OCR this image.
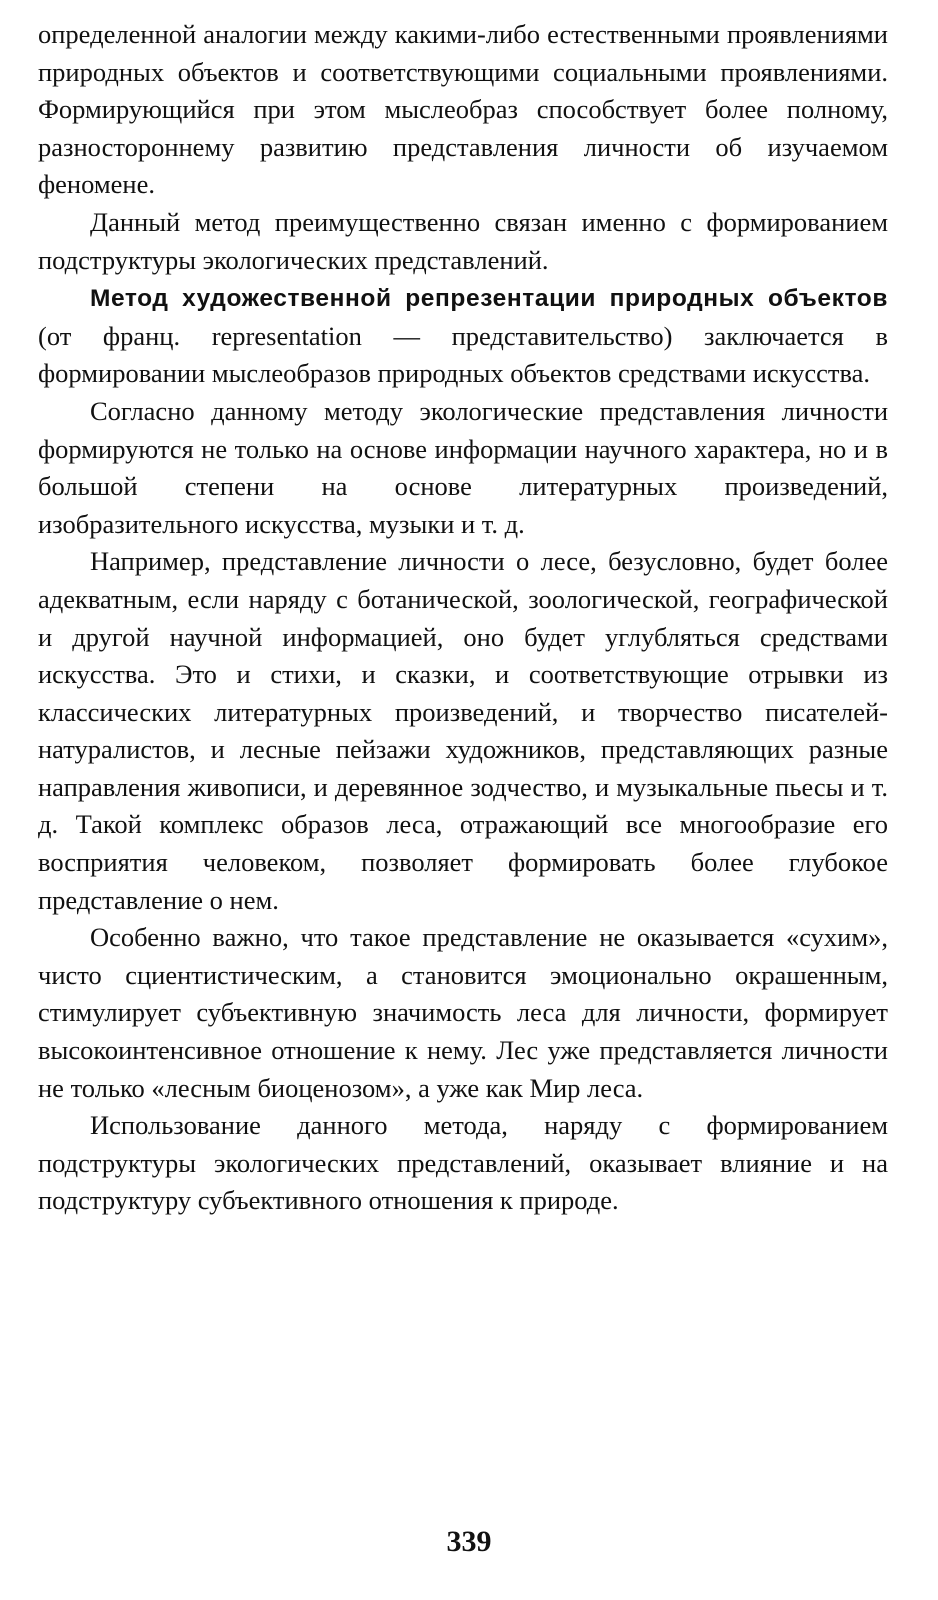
определенной аналогии между какими-либо естественными проявлениями природных объектов и соответствующими социальными проявлениями. Формирующийся при этом мыслеобраз способствует более полному, разностороннему развитию представления личности об изучаемом феномене.

Данный метод преимущественно связан именно с формированием подструктуры экологических представлений.

Метод художественной репрезентации природных объектов (от франц. representation — представительство) заключается в формировании мыслеобразов природных объектов средствами искусства.

Согласно данному методу экологические представления личности формируются не только на основе информации научного характера, но и в большой степени на основе литературных произведений, изобразительного искусства, музыки и т. д.

Например, представление личности о лесе, безусловно, будет более адекватным, если наряду с ботанической, зоологической, географической и другой научной информацией, оно будет углубляться средствами искусства. Это и стихи, и сказки, и соответствующие отрывки из классических литературных произведений, и творчество писателей-натуралистов, и лесные пейзажи художников, представляющих разные направления живописи, и деревянное зодчество, и музыкальные пьесы и т. д. Такой комплекс образов леса, отражающий все многообразие его восприятия человеком, позволяет формировать более глубокое представление о нем.

Особенно важно, что такое представление не оказывается «сухим», чисто сциентистическим, а становится эмоционально окрашенным, стимулирует субъективную значимость леса для личности, формирует высокоинтенсивное отношение к нему. Лес уже представляется личности не только «лесным биоценозом», а уже как Мир леса.

Использование данного метода, наряду с формированием подструктуры экологических представлений, оказывает влияние и на подструктуру субъективного отношения к природе.

339
